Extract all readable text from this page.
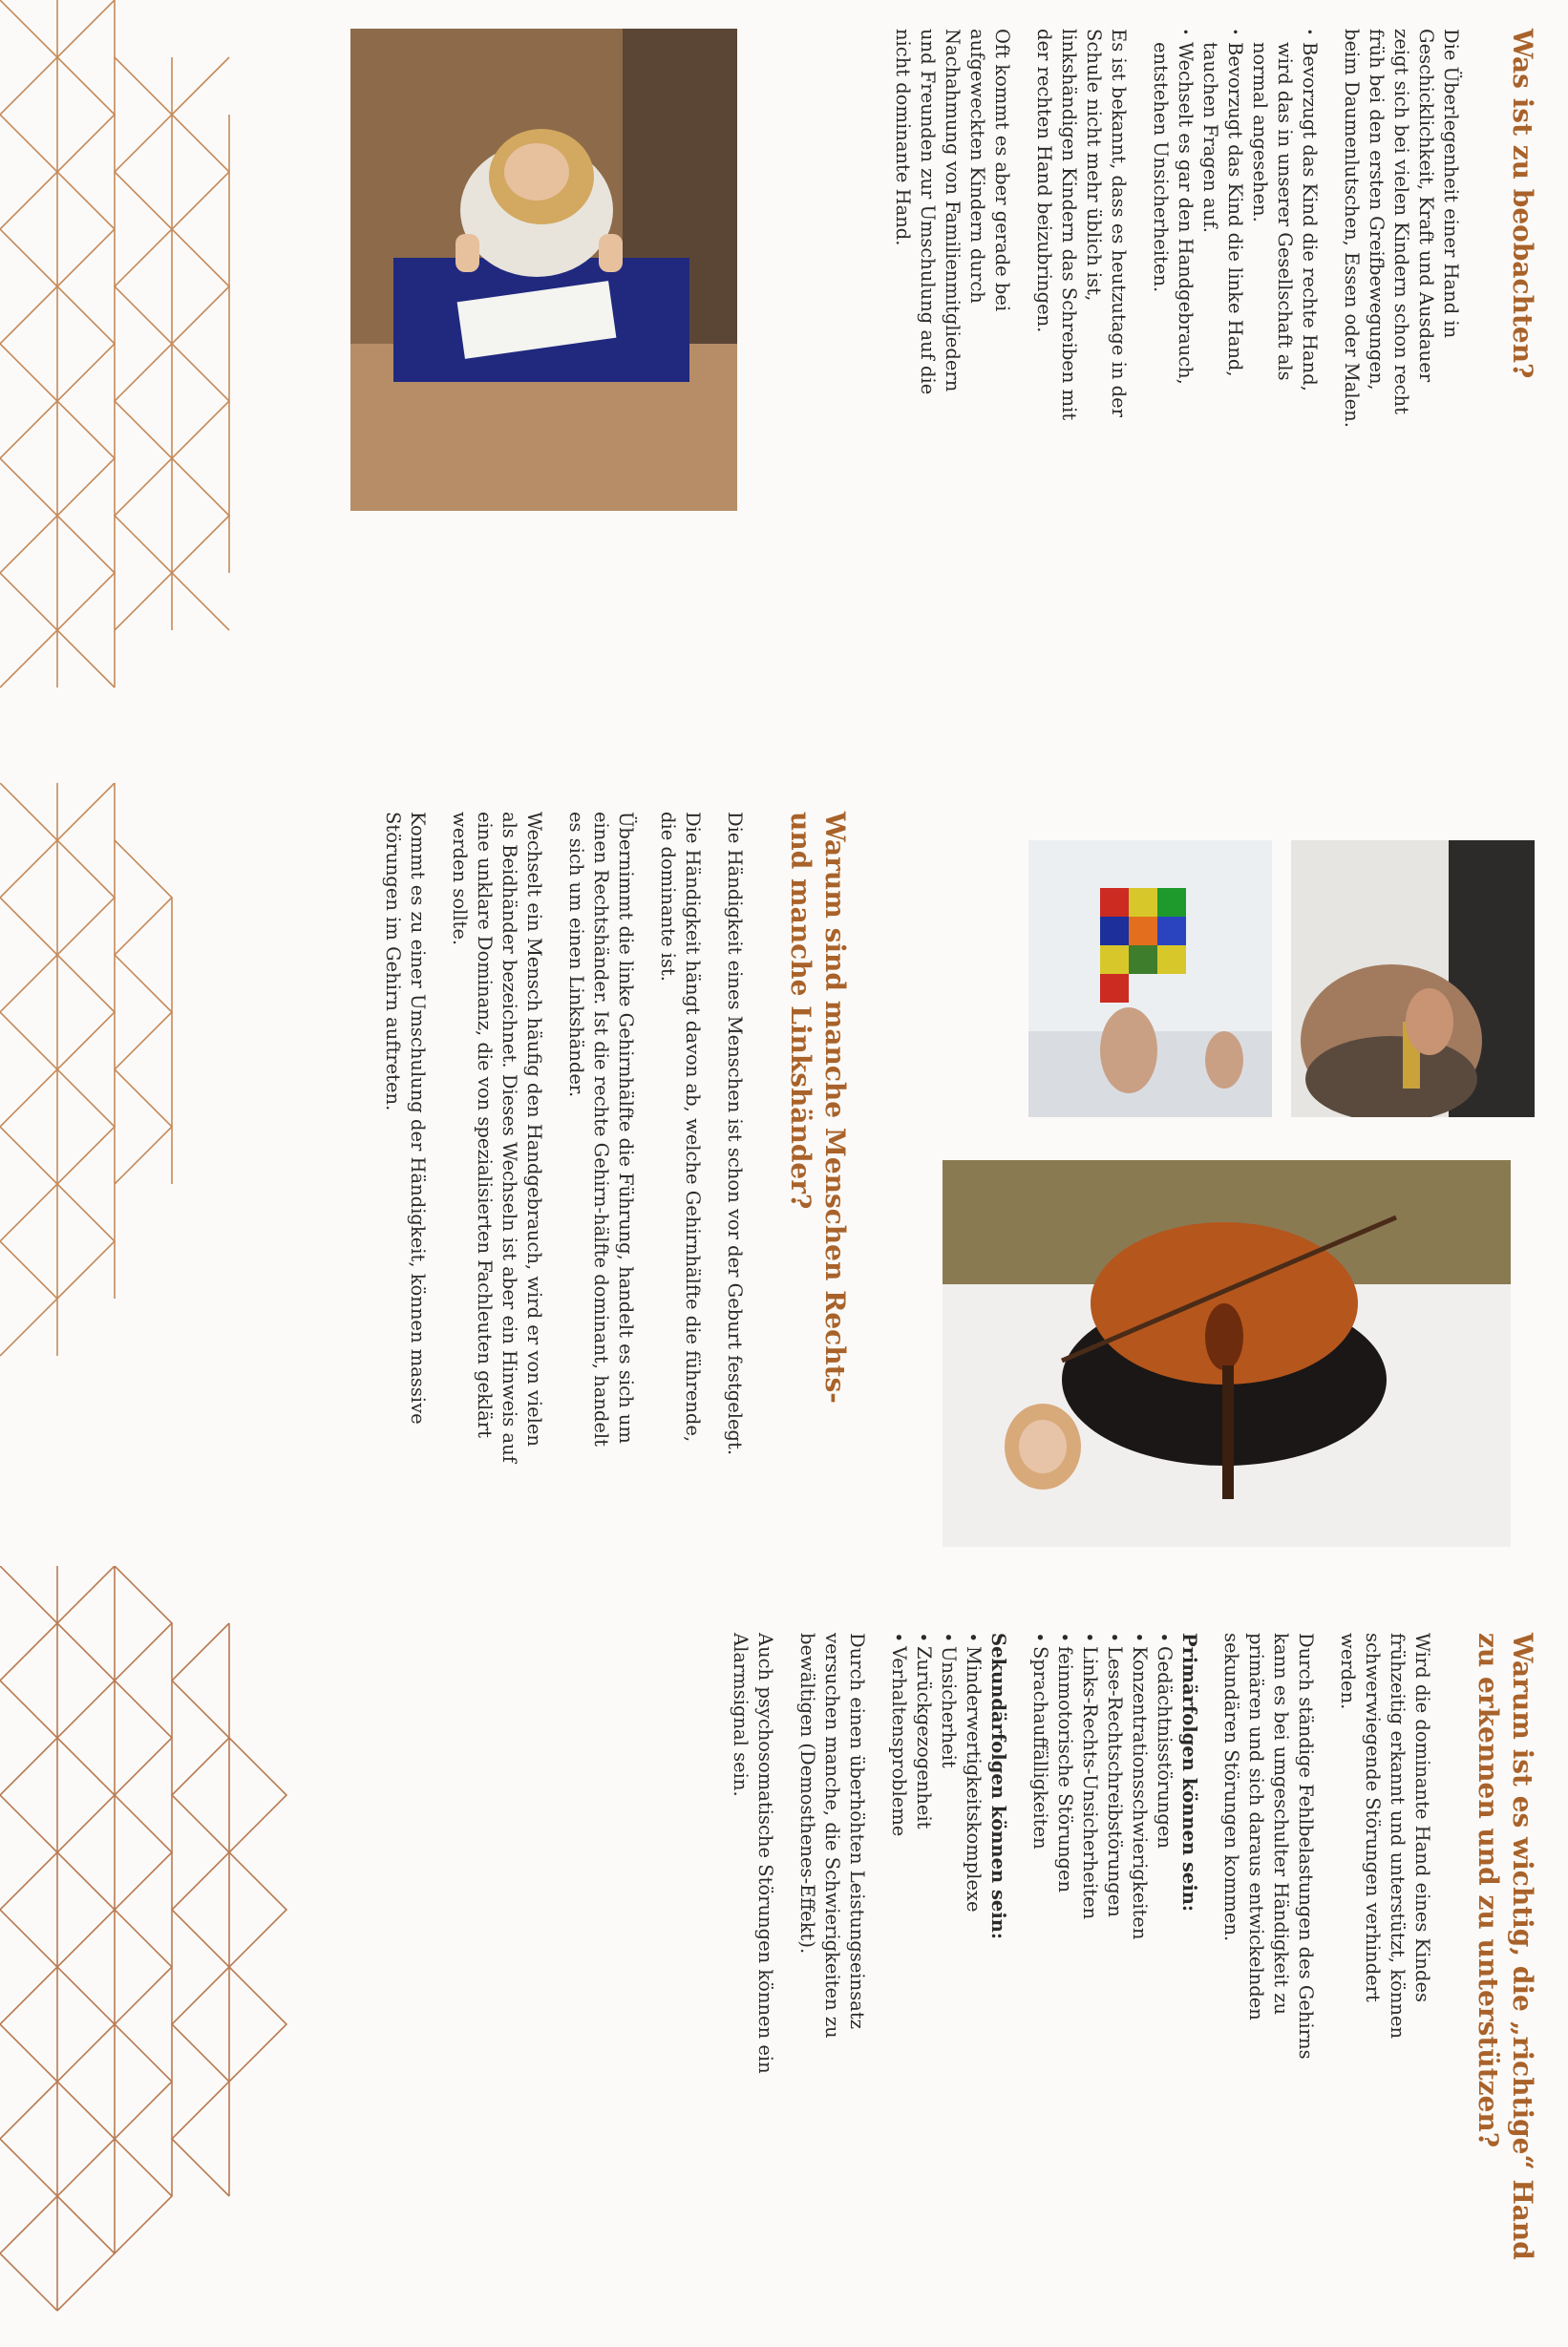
Was ist zu beobachten?

Die Überlegenheit einer Hand in Geschicklichkeit, Kraft und Ausdauer zeigt sich bei vielen Kindern schon recht früh bei den ersten Greifbewegungen, beim Daumenlutschen, Essen oder Malen.

· Bevorzugt das Kind die rechte Hand, wird das in unserer Gesellschaft als normal angesehen.
· Bevorzugt das Kind die linke Hand, tauchen Fragen auf.
· Wechselt es gar den Handgebrauch, entstehen Unsicherheiten.

Es ist bekannt, dass es heutzutage in der Schule nicht mehr üblich ist, linkshändigen Kindern das Schreiben mit der rechten Hand beizubringen.

Oft kommt es aber gerade bei aufgeweckten Kindern durch Nachahmung von Familienmitgliedern und Freunden zur Umschulung auf die nicht dominante Hand.

Warum sind manche Menschen Rechts-
und manche Linkshänder?

Die Händigkeit eines Menschen ist schon vor der Geburt festgelegt.

Die Händigkeit hängt davon ab, welche Gehirnhälfte die führende, die dominante ist.

Übernimmt die linke Gehirnhälfte die Führung, handelt es sich um einen Rechtshänder. Ist die rechte Gehirn-hälfte dominant, handelt es sich um einen Linkshänder.

Wechselt ein Mensch häufig den Handgebrauch, wird er von vielen als Beidhänder bezeichnet. Dieses Wechseln ist aber ein Hinweis auf eine unklare Dominanz, die von spezialisierten Fachleuten geklärt werden sollte.

Kommt es zu einer Umschulung der Händigkeit, können massive Störungen im Gehirn auftreten.

Warum ist es wichtig, die „richtige“ Hand
zu erkennen und zu unterstützen?

Wird die dominante Hand eines Kindes frühzeitig erkannt und unterstützt, können schwerwiegende Störungen verhindert werden.

Durch ständige Fehlbelastungen des Gehirns kann es bei umgeschulter Händigkeit zu primären und sich daraus entwickelnden sekundären Störungen kommen.

Primärfolgen können sein:
• Gedächtnisstörungen
• Konzentrationsschwierigkeiten
• Lese-Rechtschreibstörungen
• Links-Rechts-Unsicherheiten
• feinmotorische Störungen
• Sprachauffälligkeiten
Sekundärfolgen können sein:
• Minderwertigkeitskomplexe
• Unsicherheit
• Zurückgezogenheit
• Verhaltensprobleme

Durch einen überhöhten Leistungseinsatz versuchen manche, die Schwierigkeiten zu bewältigen (Demosthenes-Effekt).

Auch psychosomatische Störungen können ein Alarmsignal sein.
